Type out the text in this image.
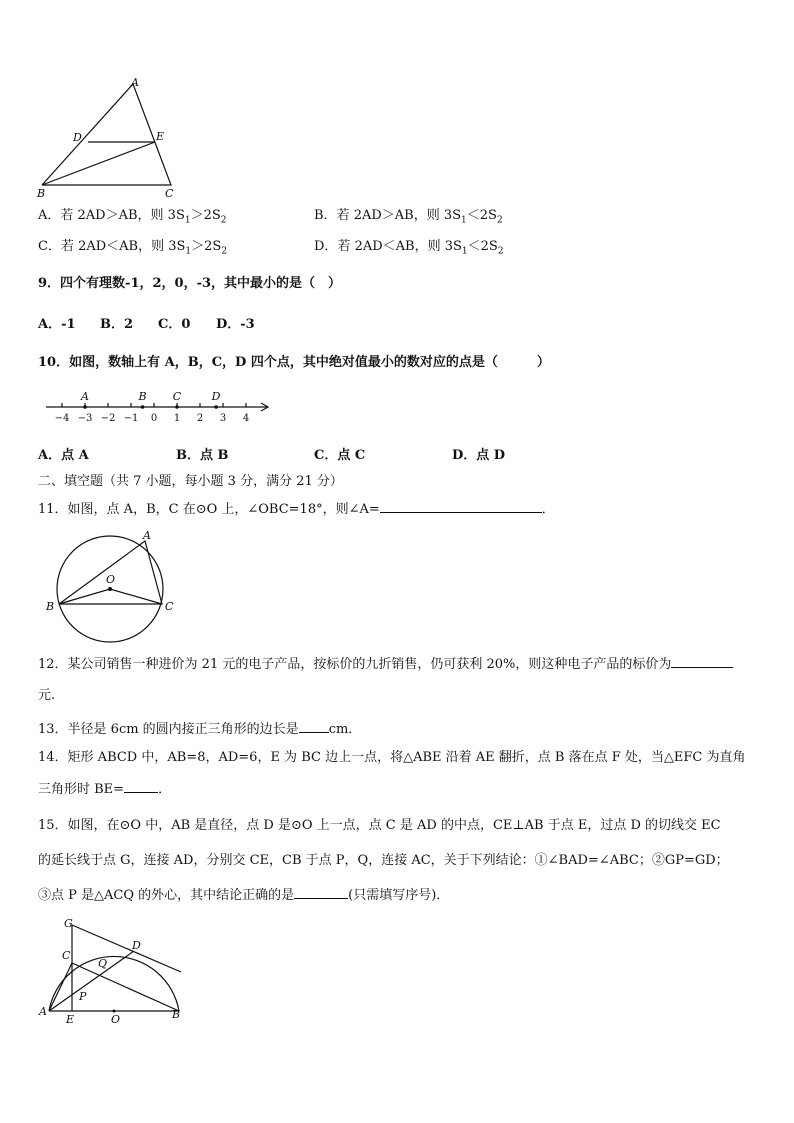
A
D	E
B	C
A．若 2AD＞AB，则 $3S_1>2S_2$	B．若 2AD＞AB，则 $3S_1<2S_2$
C．若 2AD＜AB，则 $3S_1>2S_2$	D．若 2AD＜AB，则 $3S_1<2S_2$
9．四个有理数-1，2，0，-3，其中最小的是（　）
A．-1 B．2 C．0 D．-3
10．如图，数轴上有 A，B，C，D 四个点，其中绝对值最小的数对应的点是（　　　）
−4 −3 −2 −1 0 1 2 3 4
A	B C	D
A．点 A	B．点 B	C．点 C	D．点 D
二、填空题（共 7 小题，每小题 3 分，满分 21 分）
11．如图，点 A，B，C 在⊙O 上，∠OBC=18°，则∠A=	．
A
O
B	C
12．某公司销售一种进价为 21 元的电子产品，按标价的九折销售，仍可获利 20%，则这种电子产品的标价为
元.
13．半径是 6cm 的圆内接正三角形的边长是 cm．
14．矩形 ABCD 中，AB=8，AD=6，E 为 BC 边上一点，将△ABE 沿着 AE 翻折，点 B 落在点 F 处，当△EFC 为直角
三角形时 BE=	．
15．如图，在⊙O 中，AB 是直径，点 D 是⊙O 上一点，点 C 是 AD 的中点，CE⊥AB 于点 E，过点 D 的切线交 EC
的延长线于点 G，连接 AD，分别交 CE，CB 于点 P，Q，连接 AC，关于下列结论：①∠BAD=∠ABC；②GP=GD；
③点 P 是△ACQ 的外心，其中结论正确的是	(只需填写序号)．
G
C
D
Q
P
A
E	O	B
